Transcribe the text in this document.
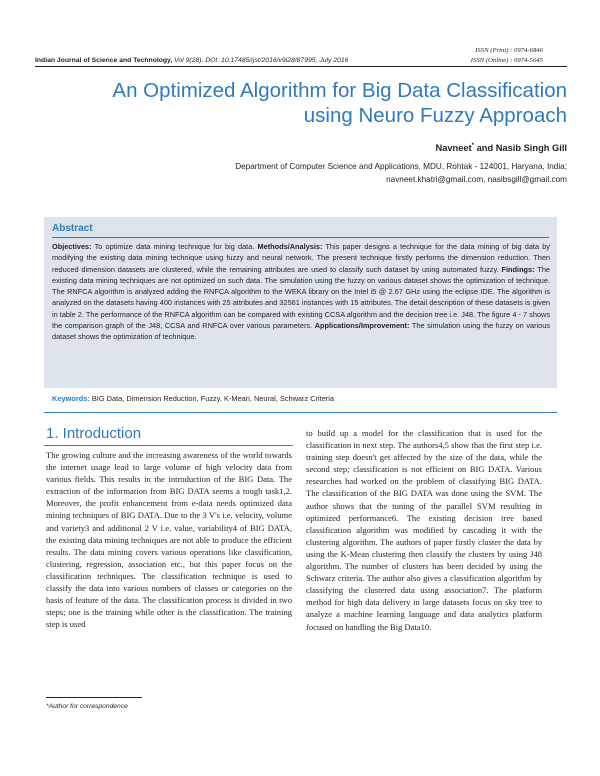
ISSN (Print) : 0974-6846
ISSN (Online) : 0974-5645
Indian Journal of Science and Technology, Vol 9(28), DOI: 10.17485/ijst/2016/v9i28/87995, July 2016
An Optimized Algorithm for Big Data Classification using Neuro Fuzzy Approach
Navneet* and Nasib Singh Gill
Department of Computer Science and Applications, MDU, Rohtak - 124001, Haryana, India;
navneet.khatri@gmail.com, nasibsgill@gmail.com
Abstract
Objectives: To optimize data mining technique for big data. Methods/Analysis: This paper designs a technique for the data mining of big data by modifying the existing data mining technique using fuzzy and neural network. The present technique firstly performs the dimension reduction. Then reduced dimension datasets are clustered, while the remaining attributes are used to classify such dataset by using automated fuzzy. Findings: The existing data mining techniques are not optimized on such data. The simulation using the fuzzy on various dataset shows the optimization of technique. The RNFCA algorithm is analyzed adding the RNFCA algorithm to the WEKA library on the Intel i5 @ 2.67 GHz using the eclipse IDE. The algorithm is analyzed on the datasets having 400 instances with 25 attributes and 32561 instances with 15 attributes. The detail description of these datasets is given in table 2. The performance of the RNFCA algorithm can be compared with existing CCSA algorithm and the decision tree i.e. J48. The figure 4 - 7 shows the comparison graph of the J48, CCSA and RNFCA over various parameters. Applications/Improvement: The simulation using the fuzzy on various dataset shows the optimization of technique.
Keywords: BIG Data, Dimension Reduction, Fuzzy, K-Mean, Neural, Schwarz Criteria
1. Introduction

The growing culture and the increasing awareness of the world towards the internet usage lead to large volume of high velocity data from various fields. This results in the introduction of the BIG Data. The extraction of the information from BIG DATA seems a tough task1,2. Moreover, the profit enhancement from e-data needs optimized data mining techniques of BIG DATA. Due to the 3 V's i.e. velocity, volume and variety3 and additional 2 V i.e. value, variability4 of BIG DATA, the existing data mining techniques are not able to produce the efficient results. The data mining covers various operations like classification, clustering, regression, association etc., but this paper focus on the classification techniques. The classification technique is used to classify the data into various numbers of classes or categories on the basis of feature of the data. The classification process is divided in two steps; one is the training while other is the classification. The training step is used

to build up a model for the classification that is used for the classification in next step. The authors4,5 show that the first step i.e. training step doesn't get affected by the size of the data, while the second step; classification is not efficient on BIG DATA. Various researches had worked on the problem of classifying BIG DATA. The classification of the BIG DATA was done using the SVM. The author shows that the tuning of the parallel SVM resulting in optimized performance6. The existing decision tree based classification algorithm was modified by cascading it with the clustering algorithm. The authors of paper firstly cluster the data by using the K-Mean clustering then classify the clusters by using J48 algorithm. The number of clusters has been decided by using the Schwarz criteria. The author also gives a classification algorithm by classifying the clustered data using association7. The platform method for high data delivery in large datasets focus on sky tree to analyze a machine learning language and data analytics platform focused on handling the Big Data10.

*Author for correspondence
